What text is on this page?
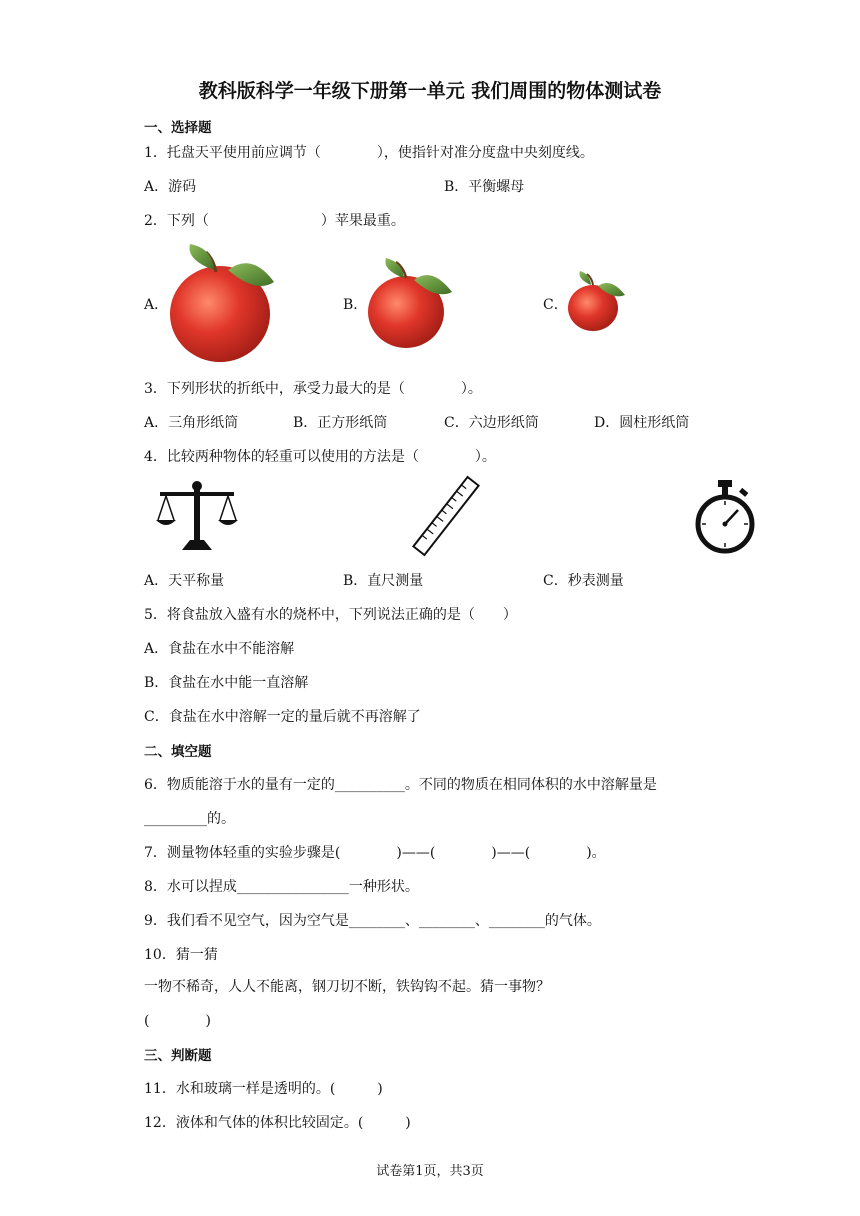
教科版科学一年级下册第一单元 我们周围的物体测试卷
一、选择题
1．托盘天平使用前应调节（　　　　），使指针对准分度盘中央刻度线。
A．游码	B．平衡螺母
2．下列（　　　　　　　　）苹果最重。
A．	B．	C．
3．下列形状的折纸中，承受力最大的是（　　　　）。
A．三角形纸筒	B．正方形纸筒	C．六边形纸筒	D．圆柱形纸筒
4．比较两种物体的轻重可以使用的方法是（　　　　）。
A．天平称量	B．直尺测量	C．秒表测量
5．将食盐放入盛有水的烧杯中，下列说法正确的是（　　）
A．食盐在水中不能溶解
B．食盐在水中能一直溶解
C．食盐在水中溶解一定的量后就不再溶解了
二、填空题
6．物质能溶于水的量有一定的__________。不同的物质在相同体积的水中溶解量是
_________的。
7．测量物体轻重的实验步骤是(　　　　)——(　　　　)——(　　　　)。
8．水可以捏成________________一种形状。
9．我们看不见空气，因为空气是________、________、________的气体。
10．猜一猜
一物不稀奇，人人不能离，钢刀切不断，铁钩钩不起。猜一事物？
(　　　　)
三、判断题
11．水和玻璃一样是透明的。(　　　)
12．液体和气体的体积比较固定。(　　　)
试卷第1页，共3页
